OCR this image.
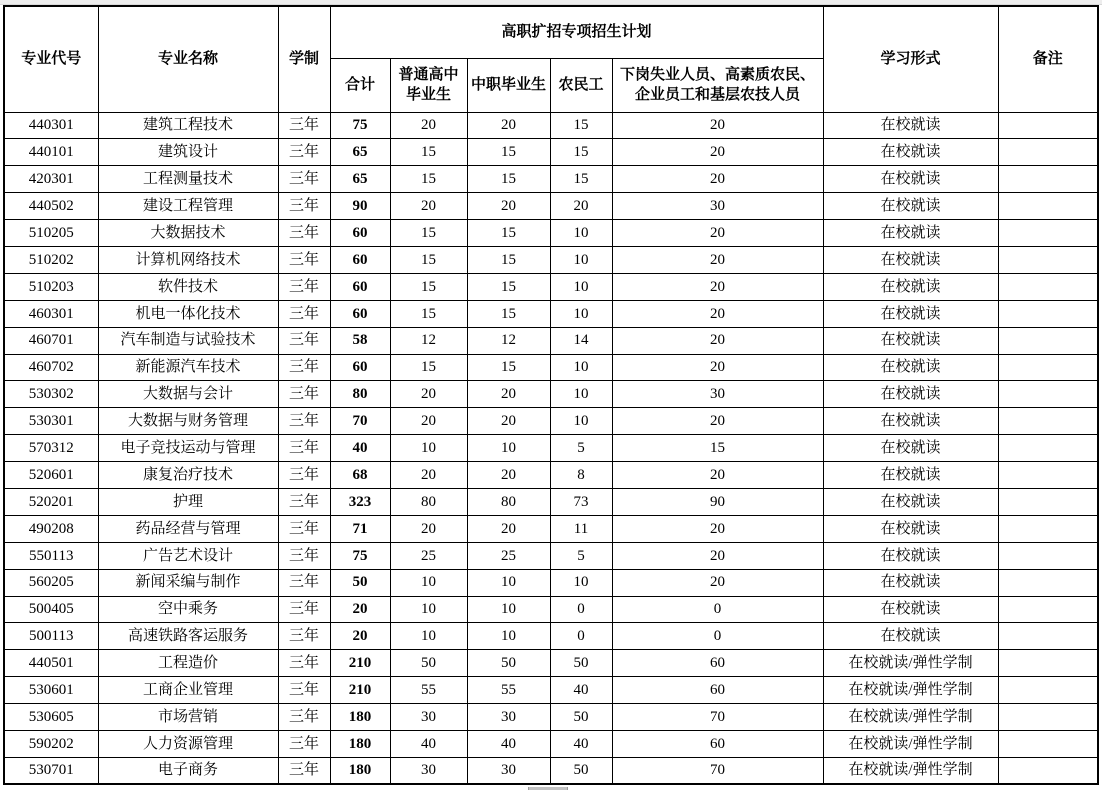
专业代号	专业名称	学制	高职扩招专项招生计划					学习形式	备注
			合计	普通高中毕业生	中职毕业生	农民工	下岗失业人员、高素质农民、企业员工和基层农技人员		
440301	建筑工程技术	三年	75	20	20	15	20	在校就读	
440101	建筑设计	三年	65	15	15	15	20	在校就读	
420301	工程测量技术	三年	65	15	15	15	20	在校就读	
440502	建设工程管理	三年	90	20	20	20	30	在校就读	
510205	大数据技术	三年	60	15	15	10	20	在校就读	
510202	计算机网络技术	三年	60	15	15	10	20	在校就读	
510203	软件技术	三年	60	15	15	10	20	在校就读	
460301	机电一体化技术	三年	60	15	15	10	20	在校就读	
460701	汽车制造与试验技术	三年	58	12	12	14	20	在校就读	
460702	新能源汽车技术	三年	60	15	15	10	20	在校就读	
530302	大数据与会计	三年	80	20	20	10	30	在校就读	
530301	大数据与财务管理	三年	70	20	20	10	20	在校就读	
570312	电子竞技运动与管理	三年	40	10	10	5	15	在校就读	
520601	康复治疗技术	三年	68	20	20	8	20	在校就读	
520201	护理	三年	323	80	80	73	90	在校就读	
490208	药品经营与管理	三年	71	20	20	11	20	在校就读	
550113	广告艺术设计	三年	75	25	25	5	20	在校就读	
560205	新闻采编与制作	三年	50	10	10	10	20	在校就读	
500405	空中乘务	三年	20	10	10	0	0	在校就读	
500113	高速铁路客运服务	三年	20	10	10	0	0	在校就读	
440501	工程造价	三年	210	50	50	50	60	在校就读/弹性学制	
530601	工商企业管理	三年	210	55	55	40	60	在校就读/弹性学制	
530605	市场营销	三年	180	30	30	50	70	在校就读/弹性学制	
590202	人力资源管理	三年	180	40	40	40	60	在校就读/弹性学制	
530701	电子商务	三年	180	30	30	50	70	在校就读/弹性学制	
